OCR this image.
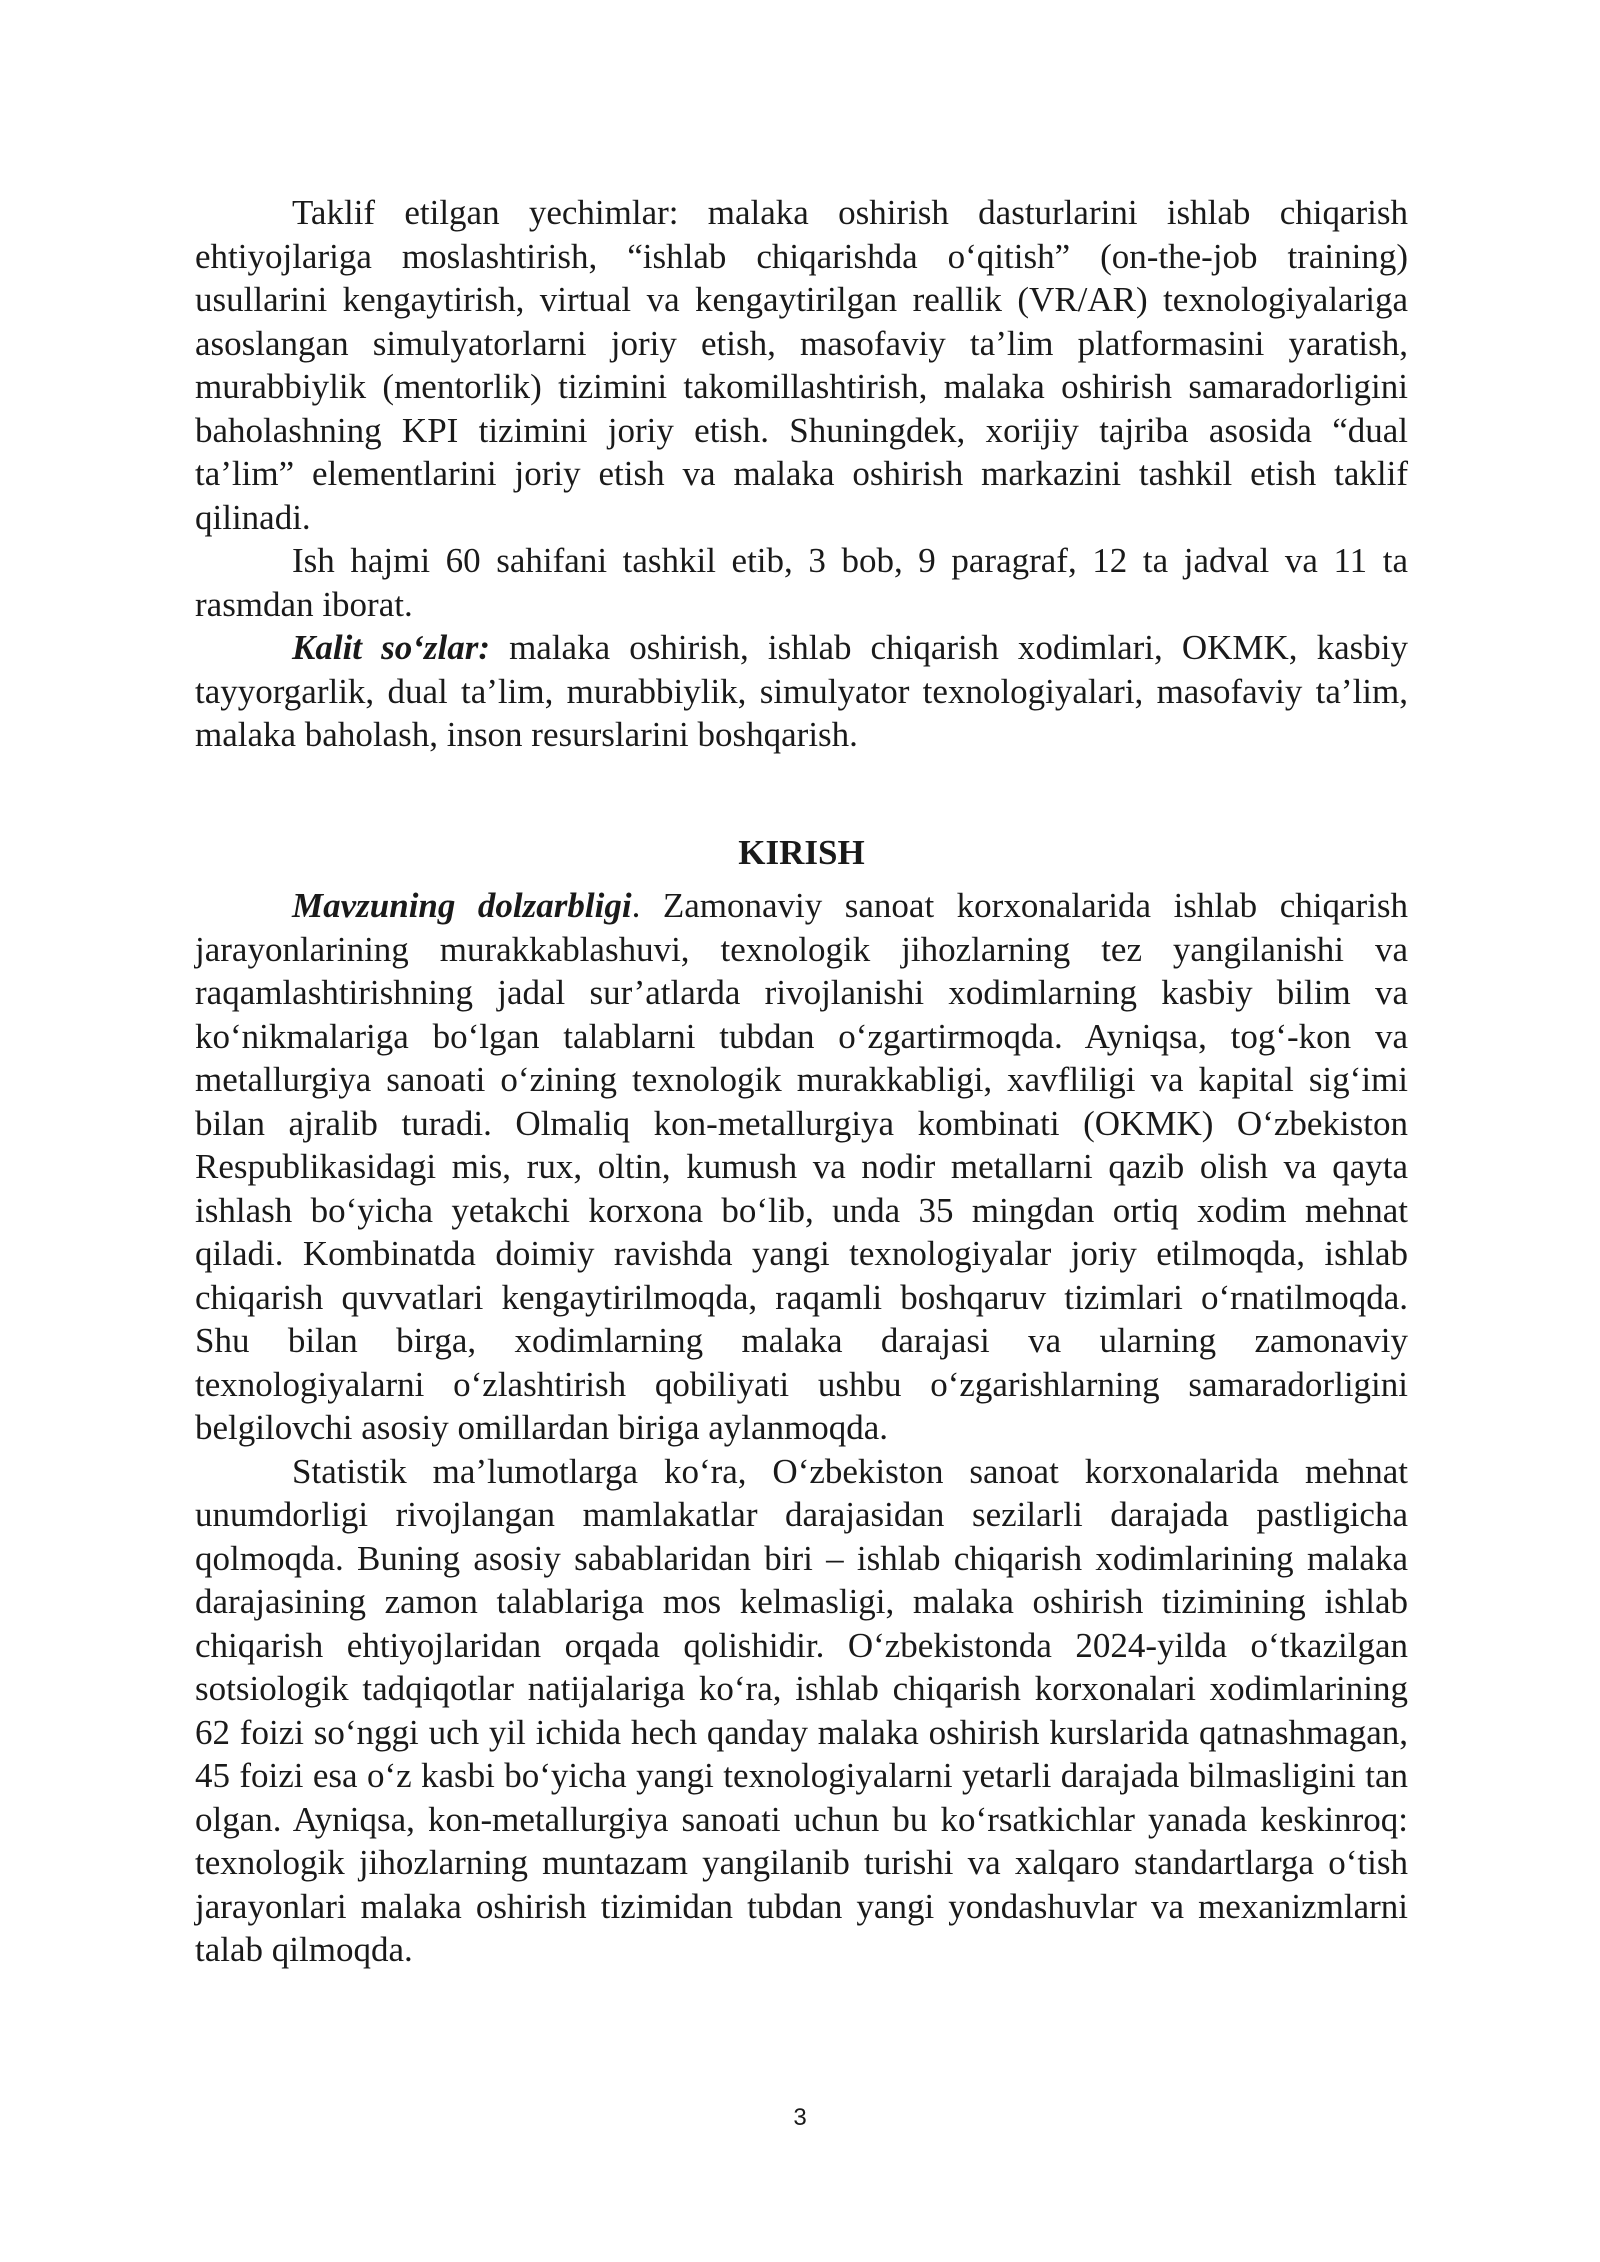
Taklif etilgan yechimlar: malaka oshirish dasturlarini ishlab chiqarish ehtiyojlariga moslashtirish, “ishlab chiqarishda o‘qitish” (on-the-job training) usullarini kengaytirish, virtual va kengaytirilgan reallik (VR/AR) texnologiyalariga asoslangan simulyatorlarni joriy etish, masofaviy ta’lim platformasini yaratish, murabbiylik (mentorlik) tizimini takomillashtirish, malaka oshirish samaradorligini baholashning KPI tizimini joriy etish. Shuningdek, xorijiy tajriba asosida “dual ta’lim” elementlarini joriy etish va malaka oshirish markazini tashkil etish taklif qilinadi.

Ish hajmi 60 sahifani tashkil etib, 3 bob, 9 paragraf, 12 ta jadval va 11 ta rasmdan iborat.

Kalit so‘zlar: malaka oshirish, ishlab chiqarish xodimlari, OKMK, kasbiy tayyorgarlik, dual ta’lim, murabbiylik, simulyator texnologiyalari, masofaviy ta’lim, malaka baholash, inson resurslarini boshqarish.

KIRISH

Mavzuning dolzarbligi. Zamonaviy sanoat korxonalarida ishlab chiqarish jarayonlarining murakkablashuvi, texnologik jihozlarning tez yangilanishi va raqamlashtirishning jadal sur’atlarda rivojlanishi xodimlarning kasbiy bilim va ko‘nikmalariga bo‘lgan talablarni tubdan o‘zgartirmoqda. Ayniqsa, tog‘-kon va metallurgiya sanoati o‘zining texnologik murakkabligi, xavfliligi va kapital sig‘imi bilan ajralib turadi. Olmaliq kon-metallurgiya kombinati (OKMK) O‘zbekiston Respublikasidagi mis, rux, oltin, kumush va nodir metallarni qazib olish va qayta ishlash bo‘yicha yetakchi korxona bo‘lib, unda 35 mingdan ortiq xodim mehnat qiladi. Kombinatda doimiy ravishda yangi texnologiyalar joriy etilmoqda, ishlab chiqarish quvvatlari kengaytirilmoqda, raqamli boshqaruv tizimlari o‘rnatilmoqda. Shu bilan birga, xodimlarning malaka darajasi va ularning zamonaviy texnologiyalarni o‘zlashtirish qobiliyati ushbu o‘zgarishlarning samaradorligini belgilovchi asosiy omillardan biriga aylanmoqda.

Statistik ma’lumotlarga ko‘ra, O‘zbekiston sanoat korxonalarida mehnat unumdorligi rivojlangan mamlakatlar darajasidan sezilarli darajada pastligicha qolmoqda. Buning asosiy sabablaridan biri – ishlab chiqarish xodimlarining malaka darajasining zamon talablariga mos kelmasligi, malaka oshirish tizimining ishlab chiqarish ehtiyojlaridan orqada qolishidir. O‘zbekistonda 2024-yilda o‘tkazilgan sotsiologik tadqiqotlar natijalariga ko‘ra, ishlab chiqarish korxonalari xodimlarining 62 foizi so‘nggi uch yil ichida hech qanday malaka oshirish kurslarida qatnashmagan, 45 foizi esa o‘z kasbi bo‘yicha yangi texnologiyalarni yetarli darajada bilmasligini tan olgan. Ayniqsa, kon-metallurgiya sanoati uchun bu ko‘rsatkichlar yanada keskinroq: texnologik jihozlarning muntazam yangilanib turishi va xalqaro standartlarga o‘tish jarayonlari malaka oshirish tizimidan tubdan yangi yondashuvlar va mexanizmlarni talab qilmoqda.

3
